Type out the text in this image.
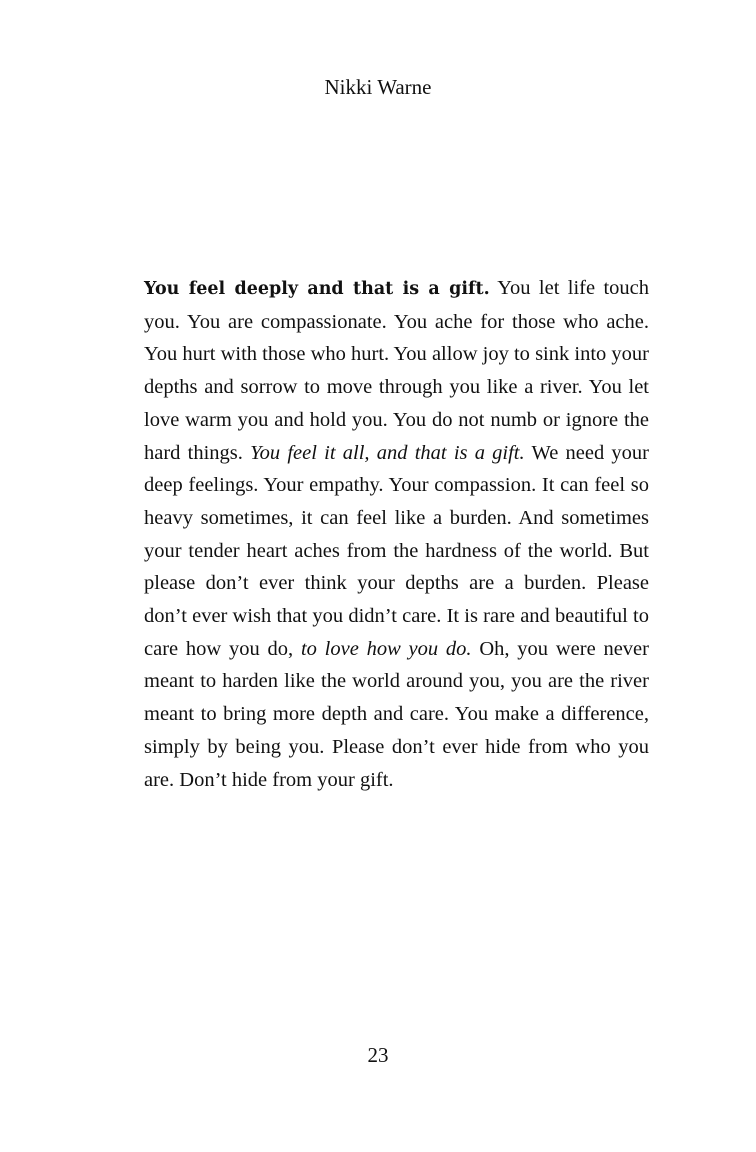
Nikki Warne

You feel deeply and that is a gift. You let life touch you. You are compassionate. You ache for those who ache. You hurt with those who hurt. You allow joy to sink into your depths and sorrow to move through you like a river. You let love warm you and hold you. You do not numb or ignore the hard things. You feel it all, and that is a gift. We need your deep feelings. Your empathy. Your compassion. It can feel so heavy sometimes, it can feel like a burden. And sometimes your tender heart aches from the hardness of the world. But please don’t ever think your depths are a burden. Please don’t ever wish that you didn’t care. It is rare and beautiful to care how you do, to love how you do. Oh, you were never meant to harden like the world around you, you are the river meant to bring more depth and care. You make a difference, simply by being you. Please don’t ever hide from who you are. Don’t hide from your gift.

23
